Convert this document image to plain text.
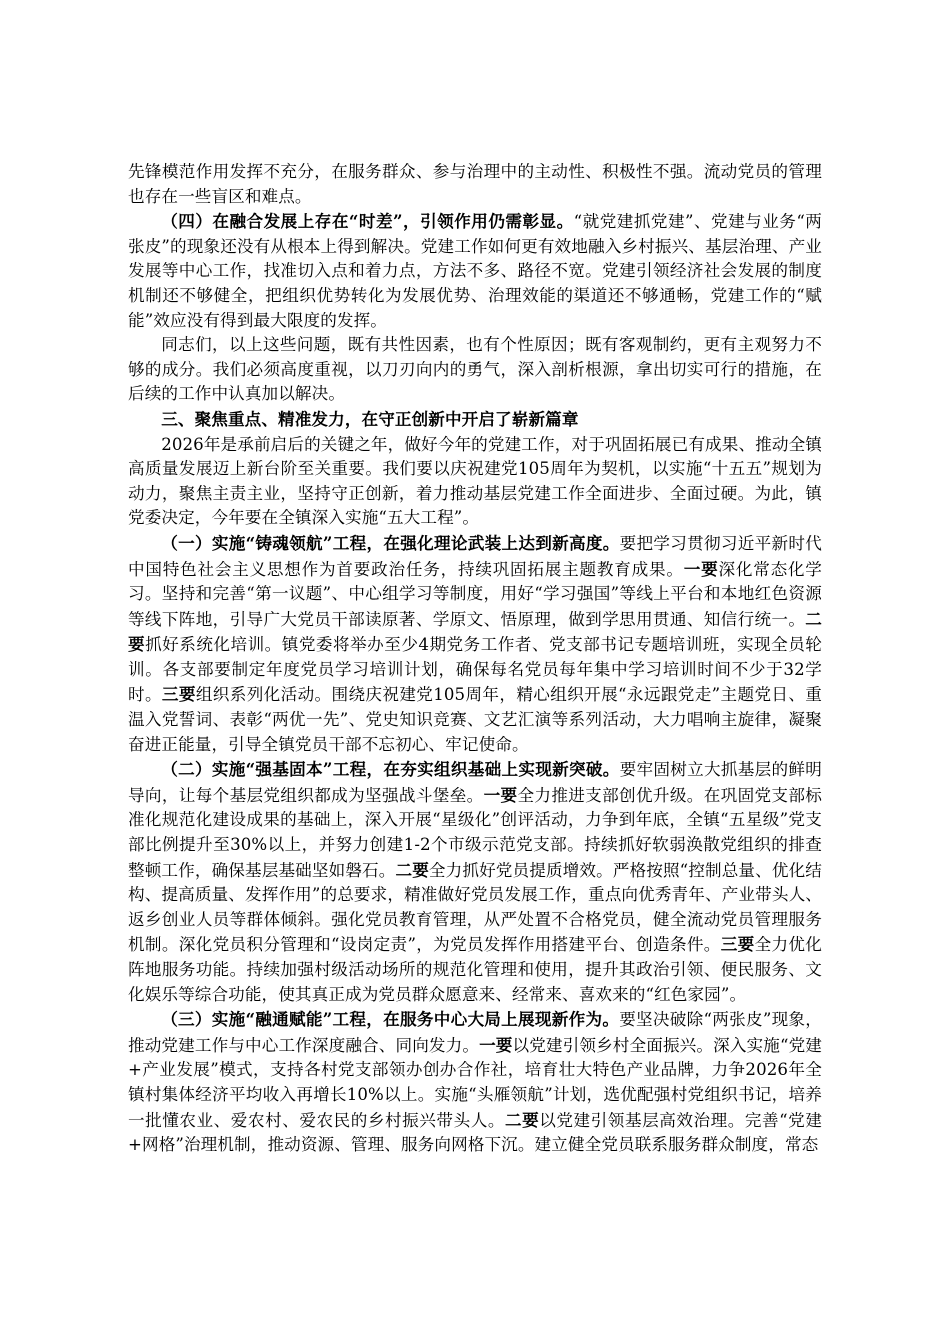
先锋模范作用发挥不充分，在服务群众、参与治理中的主动性、积极性不强。流动党员的管理也存在一些盲区和难点。

（四）在融合发展上存在“时差”，引领作用仍需彰显。“就党建抓党建”、党建与业务“两张皮”的现象还没有从根本上得到解决。党建工作如何更有效地融入乡村振兴、基层治理、产业发展等中心工作，找准切入点和着力点，方法不多、路径不宽。党建引领经济社会发展的制度机制还不够健全，把组织优势转化为发展优势、治理效能的渠道还不够通畅，党建工作的“赋能”效应没有得到最大限度的发挥。

同志们，以上这些问题，既有共性因素，也有个性原因；既有客观制约，更有主观努力不够的成分。我们必须高度重视，以刀刃向内的勇气，深入剖析根源，拿出切实可行的措施，在后续的工作中认真加以解决。

三、聚焦重点、精准发力，在守正创新中开启了崭新篇章

2026年是承前启后的关键之年，做好今年的党建工作，对于巩固拓展已有成果、推动全镇高质量发展迈上新台阶至关重要。我们要以庆祝建党105周年为契机，以实施“十五五”规划为动力，聚焦主责主业，坚持守正创新，着力推动基层党建工作全面进步、全面过硬。为此，镇党委决定，今年要在全镇深入实施“五大工程”。

（一）实施“铸魂领航”工程，在强化理论武装上达到新高度。要把学习贯彻习近平新时代中国特色社会主义思想作为首要政治任务，持续巩固拓展主题教育成果。一要深化常态化学习。坚持和完善“第一议题”、中心组学习等制度，用好“学习强国”等线上平台和本地红色资源等线下阵地，引导广大党员干部读原著、学原文、悟原理，做到学思用贯通、知信行统一。二要抓好系统化培训。镇党委将举办至少4期党务工作者、党支部书记专题培训班，实现全员轮训。各支部要制定年度党员学习培训计划，确保每名党员每年集中学习培训时间不少于32学时。三要组织系列化活动。围绕庆祝建党105周年，精心组织开展“永远跟党走”主题党日、重温入党誓词、表彰“两优一先”、党史知识竞赛、文艺汇演等系列活动，大力唱响主旋律，凝聚奋进正能量，引导全镇党员干部不忘初心、牢记使命。

（二）实施“强基固本”工程，在夯实组织基础上实现新突破。要牢固树立大抓基层的鲜明导向，让每个基层党组织都成为坚强战斗堡垒。一要全力推进支部创优升级。在巩固党支部标准化规范化建设成果的基础上，深入开展“星级化”创评活动，力争到年底，全镇“五星级”党支部比例提升至30%以上，并努力创建1-2个市级示范党支部。持续抓好软弱涣散党组织的排查整顿工作，确保基层基础坚如磐石。二要全力抓好党员提质增效。严格按照“控制总量、优化结构、提高质量、发挥作用”的总要求，精准做好党员发展工作，重点向优秀青年、产业带头人、返乡创业人员等群体倾斜。强化党员教育管理，从严处置不合格党员，健全流动党员管理服务机制。深化党员积分管理和“设岗定责”，为党员发挥作用搭建平台、创造条件。三要全力优化阵地服务功能。持续加强村级活动场所的规范化管理和使用，提升其政治引领、便民服务、文化娱乐等综合功能，使其真正成为党员群众愿意来、经常来、喜欢来的“红色家园”。

（三）实施“融通赋能”工程，在服务中心大局上展现新作为。要坚决破除“两张皮”现象，推动党建工作与中心工作深度融合、同向发力。一要以党建引领乡村全面振兴。深入实施“党建+产业发展”模式，支持各村党支部领办创办合作社，培育壮大特色产业品牌，力争2026年全镇村集体经济平均收入再增长10%以上。实施“头雁领航”计划，选优配强村党组织书记，培养一批懂农业、爱农村、爱农民的乡村振兴带头人。二要以党建引领基层高效治理。完善“党建+网格”治理机制，推动资源、管理、服务向网格下沉。建立健全党员联系服务群众制度，常态
